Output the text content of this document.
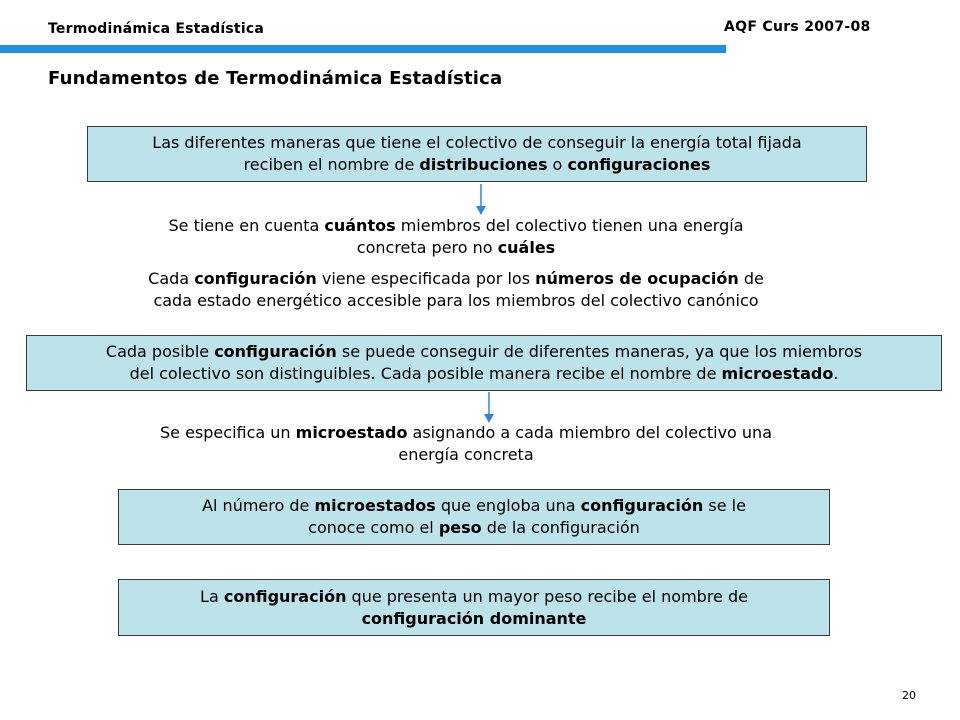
Termodinámica Estadística	AQF Curs 2007-08
Fundamentos de Termodinámica Estadística
Las diferentes maneras que tiene el colectivo de conseguir la energía total fijada
reciben el nombre de distribuciones o configuraciones
Se tiene en cuenta cuántos miembros del colectivo tienen una energía
concreta pero no cuáles
Cada configuración viene especificada por los números de ocupación de
cada estado energético accesible para los miembros del colectivo canónico
Cada posible configuración se puede conseguir de diferentes maneras, ya que los miembros
del colectivo son distinguibles. Cada posible manera recibe el nombre de microestado.
Se especifica un microestado asignando a cada miembro del colectivo una
energía concreta
Al número de microestados que engloba una configuración se le
conoce como el peso de la configuración
La configuración que presenta un mayor peso recibe el nombre de
configuración dominante
20
